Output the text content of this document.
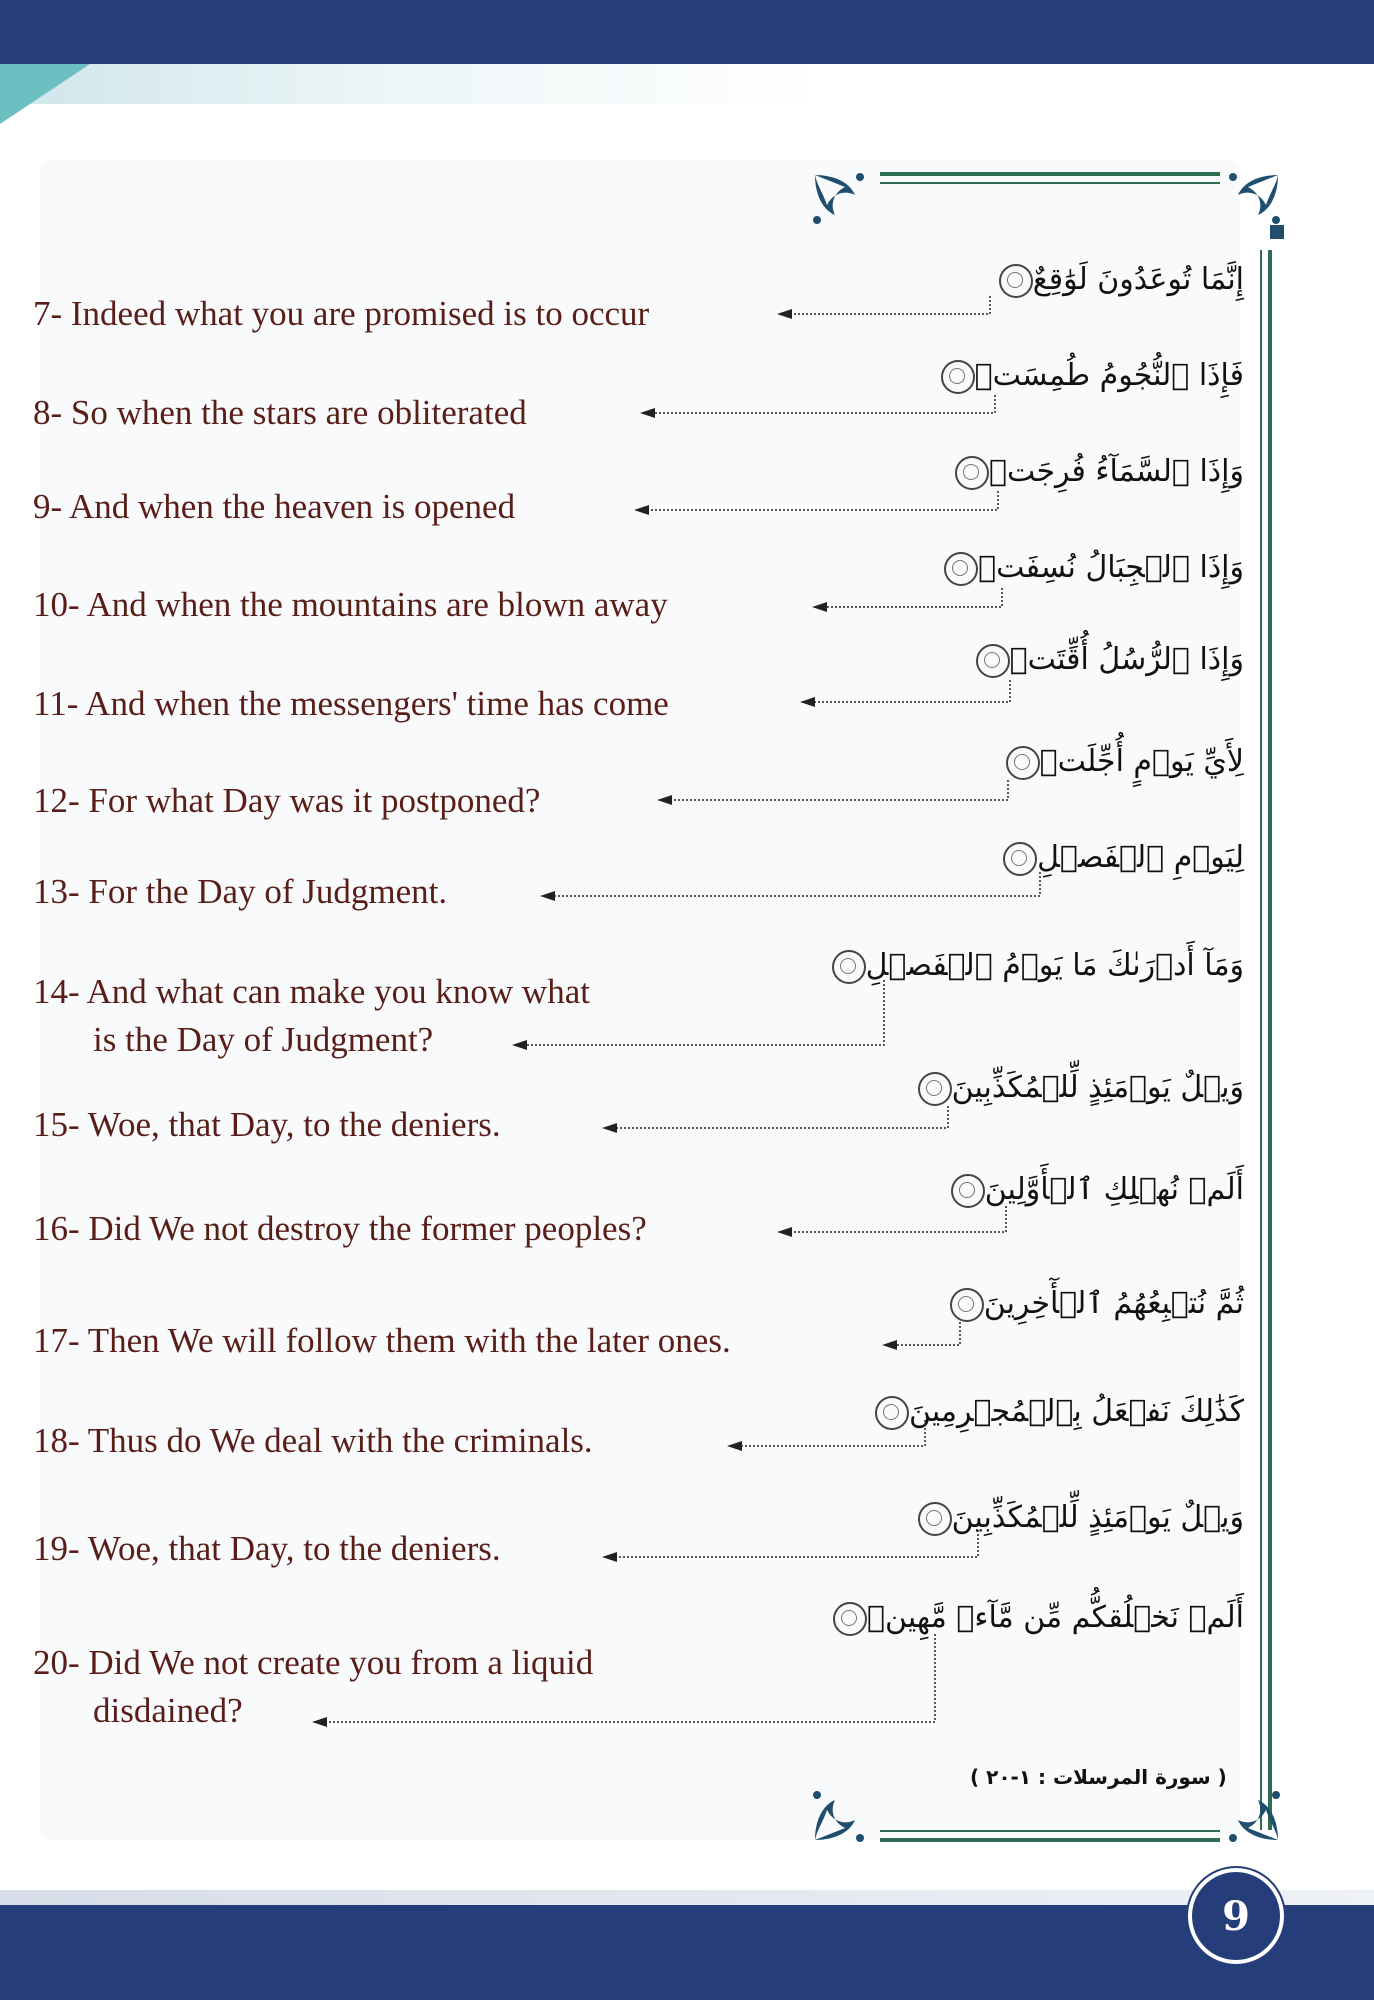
إِنَّمَا تُوعَدُونَ لَوَٰقِعٌ
7- Indeed what you are promised is to occur
فَإِذَا ٱلنُّجُومُ طُمِسَتۡ
8- So when the stars are obliterated
وَإِذَا ٱلسَّمَآءُ فُرِجَتۡ
9- And when the heaven is opened
وَإِذَا ٱلۡجِبَالُ نُسِفَتۡ
10- And when the mountains are blown away
وَإِذَا ٱلرُّسُلُ أُقِّتَتۡ
11- And when the messengers' time has come
لِأَيِّ يَوۡمٍ أُجِّلَتۡ
12- For what Day was it postponed?
لِيَوۡمِ ٱلۡفَصۡلِ
13- For the Day of Judgment.
وَمَآ أَدۡرَىٰكَ مَا يَوۡمُ ٱلۡفَصۡلِ
14- And what can make you know what
is the Day of Judgment?
وَيۡلٌ يَوۡمَئِذٍ لِّلۡمُكَذِّبِينَ
15- Woe, that Day, to the deniers.
أَلَمۡ نُهۡلِكِ ٱلۡأَوَّلِينَ
16- Did We not destroy the former peoples?
ثُمَّ نُتۡبِعُهُمُ ٱلۡأٓخِرِينَ
17- Then We will follow them with the later ones.
كَذَٰلِكَ نَفۡعَلُ بِٱلۡمُجۡرِمِينَ
18- Thus do We deal with the criminals.
وَيۡلٌ يَوۡمَئِذٍ لِّلۡمُكَذِّبِينَ
19- Woe, that Day, to the deniers.
أَلَمۡ نَخۡلُقكُّم مِّن مَّآءٖ مَّهِينٖ
20- Did We not create you from a liquid
disdained?
( سورة المرسلات : ١-٢٠ )
9
